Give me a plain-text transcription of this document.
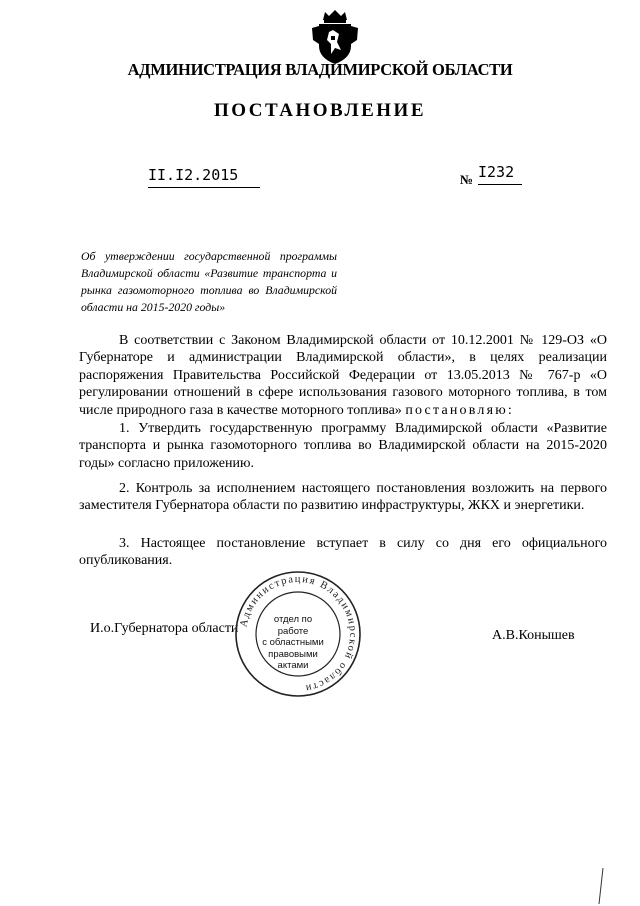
АДМИНИСТРАЦИЯ ВЛАДИМИРСКОЙ ОБЛАСТИ
ПОСТАНОВЛЕНИЕ
II.I2.2015	№ I232
Об утверждении государственной программы Владимирской области «Развитие транспорта и рынка газомоторного топлива во Владимирской области на 2015-2020 годы»
В соответствии с Законом Владимирской области от 10.12.2001 № 129-ОЗ «О Губернаторе и администрации Владимирской области», в целях реализации распоряжения Правительства Российской Федерации от 13.05.2013 № 767-р «О регулировании отношений в сфере использования газового моторного топлива, в том числе природного газа в качестве моторного топлива» постановляю:
1. Утвердить государственную программу Владимирской области «Развитие транспорта и рынка газомоторного топлива во Владимирской области на 2015-2020 годы» согласно приложению.
2. Контроль за исполнением настоящего постановления возложить на первого заместителя Губернатора области по развитию инфраструктуры, ЖКХ и энергетики.
3. Настоящее постановление вступает в силу со дня его официального опубликования.
И.о.Губернатора области	А.В.Конышев
Администрация Владимирской области
отдел по работе
с областными
правовыми
актами
